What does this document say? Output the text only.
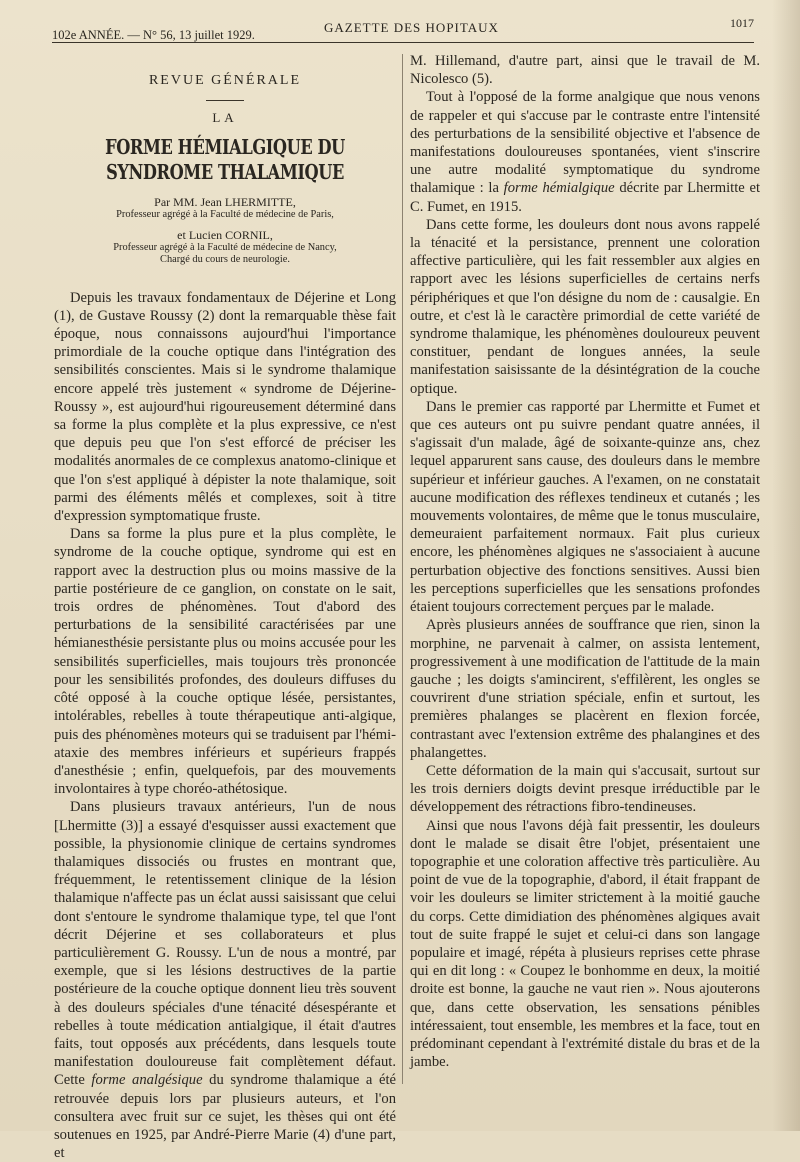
102e ANNÉE. — N° 56, 13 juillet 1929.	GAZETTE DES HOPITAUX	1017
REVUE GÉNÉRALE
LA
FORME HÉMIALGIQUE DU SYNDROME THALAMIQUE
Par MM. Jean LHERMITTE,
Professeur agrégé à la Faculté de médecine de Paris,
et Lucien CORNIL,
Professeur agrégé à la Faculté de médecine de Nancy,
Chargé du cours de neurologie.

Depuis les travaux fondamentaux de Déjerine et Long (1), de Gustave Roussy (2) dont la remarquable thèse fait époque, nous connaissons aujourd'hui l'importance primordiale de la couche optique dans l'intégration des sensibilités conscientes. Mais si le syndrome thalamique encore appelé très justement « syndrome de Déjerine-Roussy », est aujourd'hui rigoureusement déterminé dans sa forme la plus complète et la plus expressive, ce n'est que depuis peu que l'on s'est efforcé de préciser les modalités anormales de ce complexus anatomo-clinique et que l'on s'est appliqué à dépister la note thalamique, soit parmi des éléments mêlés et complexes, soit à titre d'expression symptomatique fruste.

Dans sa forme la plus pure et la plus complète, le syndrome de la couche optique, syndrome qui est en rapport avec la destruction plus ou moins massive de la partie postérieure de ce ganglion, on constate on le sait, trois ordres de phénomènes. Tout d'abord des perturbations de la sensibilité caractérisées par une hémianesthésie persistante plus ou moins accusée pour les sensibilités superficielles, mais toujours très prononcée pour les sensibilités profondes, des douleurs diffuses du côté opposé à la couche optique lésée, persistantes, intolérables, rebelles à toute thérapeutique anti-algique, puis des phénomènes moteurs qui se traduisent par l'hémi-ataxie des membres inférieurs et supérieurs frappés d'anesthésie ; enfin, quelquefois, par des mouvements involontaires à type choréo-athétosique.

Dans plusieurs travaux antérieurs, l'un de nous [Lhermitte (3)] a essayé d'esquisser aussi exactement que possible, la physionomie clinique de certains syndromes thalamiques dissociés ou frustes en montrant que, fréquemment, le retentissement clinique de la lésion thalamique n'affecte pas un éclat aussi saisissant que celui dont s'entoure le syndrome thalamique type, tel que l'ont décrit Déjerine et ses collaborateurs et plus particulièrement G. Roussy. L'un de nous a montré, par exemple, que si les lésions destructives de la partie postérieure de la couche optique donnent lieu très souvent à des douleurs spéciales d'une ténacité désespérante et rebelles à toute médication antialgique, il était d'autres faits, tout opposés aux précédents, dans lesquels toute manifestation douloureuse fait complètement défaut. Cette forme analgésique du syndrome thalamique a été retrouvée depuis lors par plusieurs auteurs, et l'on consultera avec fruit sur ce sujet, les thèses qui ont été soutenues en 1925, par André-Pierre Marie (4) d'une part, et

M. Hillemand, d'autre part, ainsi que le travail de M. Nicolesco (5).

Tout à l'opposé de la forme analgique que nous venons de rappeler et qui s'accuse par le contraste entre l'intensité des perturbations de la sensibilité objective et l'absence de manifestations douloureuses spontanées, vient s'inscrire une autre modalité symptomatique du syndrome thalamique : la forme hémialgique décrite par Lhermitte et C. Fumet, en 1915.

Dans cette forme, les douleurs dont nous avons rappelé la ténacité et la persistance, prennent une coloration affective particulière, qui les fait ressembler aux algies en rapport avec les lésions superficielles de certains nerfs périphériques et que l'on désigne du nom de : causalgie. En outre, et c'est là le caractère primordial de cette variété de syndrome thalamique, les phénomènes douloureux peuvent constituer, pendant de longues années, la seule manifestation saisissante de la désintégration de la couche optique.

Dans le premier cas rapporté par Lhermitte et Fumet et que ces auteurs ont pu suivre pendant quatre années, il s'agissait d'un malade, âgé de soixante-quinze ans, chez lequel apparurent sans cause, des douleurs dans le membre supérieur et inférieur gauches. A l'examen, on ne constatait aucune modification des réflexes tendineux et cutanés ; les mouvements volontaires, de même que le tonus musculaire, demeuraient parfaitement normaux. Fait plus curieux encore, les phénomènes algiques ne s'associaient à aucune perturbation objective des fonctions sensitives. Aussi bien les perceptions superficielles que les sensations profondes étaient toujours correctement perçues par le malade.

Après plusieurs années de souffrance que rien, sinon la morphine, ne parvenait à calmer, on assista lentement, progressivement à une modification de l'attitude de la main gauche ; les doigts s'amincirent, s'effilèrent, les ongles se couvrirent d'une striation spéciale, enfin et surtout, les premières phalanges se placèrent en flexion forcée, contrastant avec l'extension extrême des phalangines et des phalangettes.

Cette déformation de la main qui s'accusait, surtout sur les trois derniers doigts devint presque irréductible par le développement des rétractions fibro-tendineuses.

Ainsi que nous l'avons déjà fait pressentir, les douleurs dont le malade se disait être l'objet, présentaient une topographie et une coloration affective très particulière. Au point de vue de la topographie, d'abord, il était frappant de voir les douleurs se limiter strictement à la moitié gauche du corps. Cette dimidiation des phénomènes algiques avait tout de suite frappé le sujet et celui-ci dans son langage populaire et imagé, répéta à plusieurs reprises cette phrase qui en dit long : « Coupez le bonhomme en deux, la moitié droite est bonne, la gauche ne vaut rien ». Nous ajouterons que, dans cette observation, les sensations pénibles intéressaient, tout ensemble, les membres et la face, tout en prédominant cependant à l'extrémité distale du bras et de la jambe.
